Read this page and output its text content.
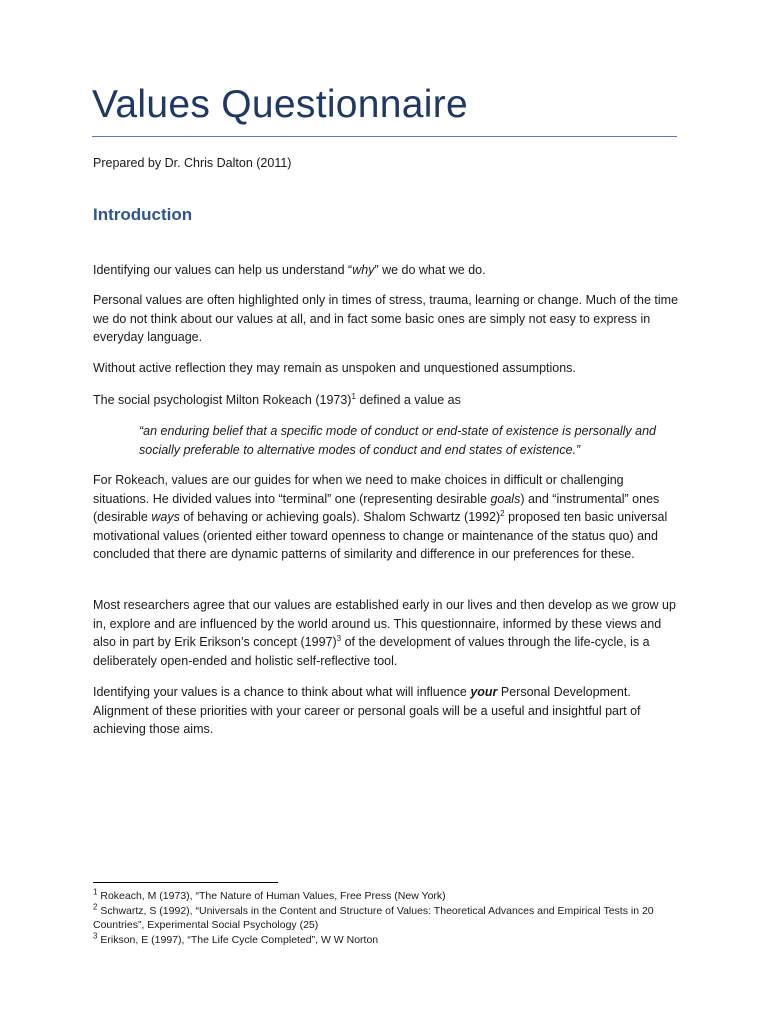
Values Questionnaire
Prepared by Dr. Chris Dalton (2011)
Introduction
Identifying our values can help us understand “why” we do what we do.
Personal values are often highlighted only in times of stress, trauma, learning or change. Much of the time we do not think about our values at all, and in fact some basic ones are simply not easy to express in everyday language.
Without active reflection they may remain as unspoken and unquestioned assumptions.
The social psychologist Milton Rokeach $(1973)^1$ defined a value as
“an enduring belief that a specific mode of conduct or end-state of existence is personally and socially preferable to alternative modes of conduct and end states of existence.”
For Rokeach, values are our guides for when we need to make choices in difficult or challenging situations. He divided values into “terminal” one (representing desirable goals) and “instrumental” ones (desirable ways of behaving or achieving goals). Shalom Schwartz $(1992)^2$ proposed ten basic universal motivational values (oriented either toward openness to change or maintenance of the status quo) and concluded that there are dynamic patterns of similarity and difference in our preferences for these.
Most researchers agree that our values are established early in our lives and then develop as we grow up in, explore and are influenced by the world around us. This questionnaire, informed by these views and also in part by Erik Erikson’s concept $(1997)^3$ of the development of values through the life-cycle, is a deliberately open-ended and holistic self-reflective tool.
Identifying your values is a chance to think about what will influence your Personal Development. Alignment of these priorities with your career or personal goals will be a useful and insightful part of achieving those aims.

$^1$ Rokeach, M (1973), “The Nature of Human Values, Free Press (New York)

$^2$ Schwartz, S (1992), “Universals in the Content and Structure of Values: Theoretical Advances and Empirical Tests in 20 Countries”, Experimental Social Psychology (25)

$^3$ Erikson, E (1997), “The Life Cycle Completed”, W W Norton
